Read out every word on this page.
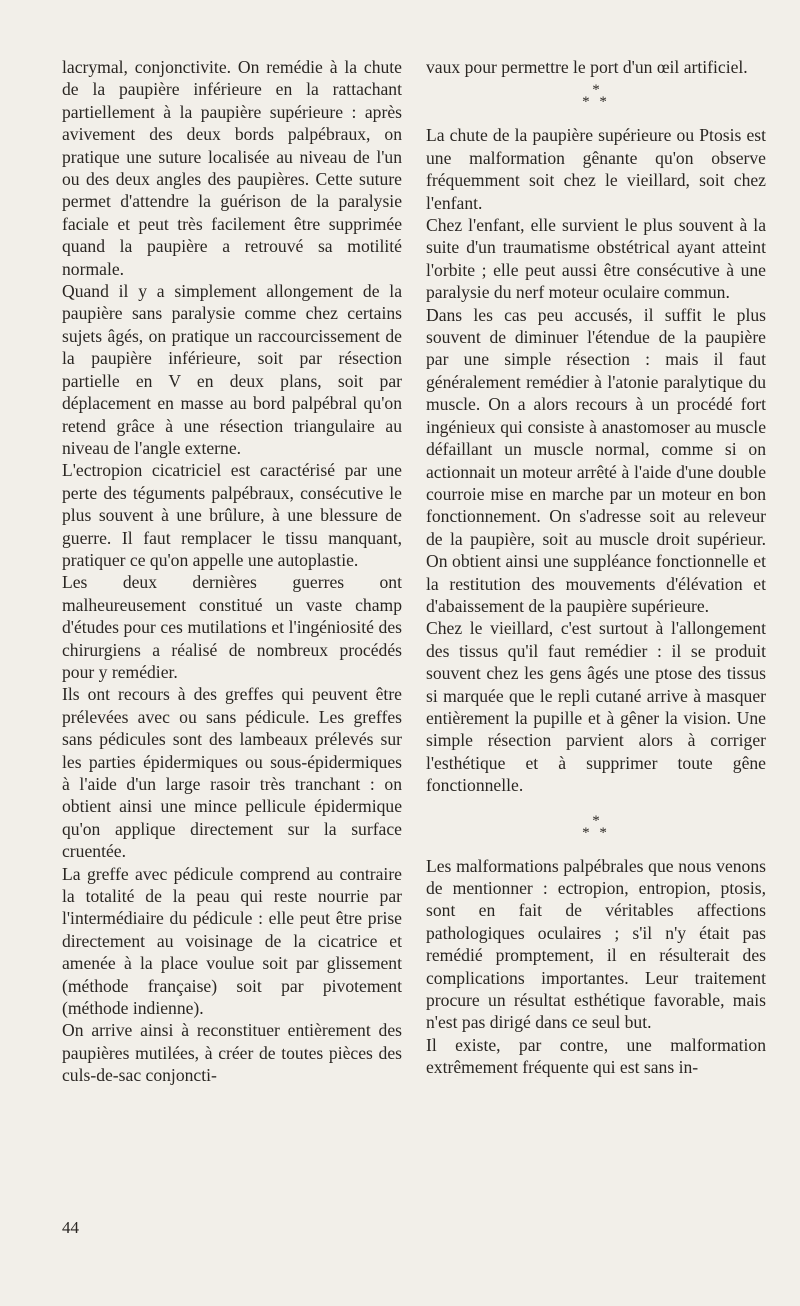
lacrymal, conjonctivite. On remédie à la chute de la paupière inférieure en la rattachant partiellement à la paupière supérieure : après avivement des deux bords palpébraux, on pratique une suture localisée au niveau de l'un ou des deux angles des paupières. Cette suture permet d'attendre la guérison de la paralysie faciale et peut très facilement être supprimée quand la paupière a retrouvé sa motilité normale.

Quand il y a simplement allongement de la paupière sans paralysie comme chez certains sujets âgés, on pratique un raccourcissement de la paupière inférieure, soit par résection partielle en V en deux plans, soit par déplacement en masse au bord palpébral qu'on retend grâce à une résection triangulaire au niveau de l'angle externe.

L'ectropion cicatriciel est caractérisé par une perte des téguments palpébraux, consécutive le plus souvent à une brûlure, à une blessure de guerre. Il faut remplacer le tissu manquant, pratiquer ce qu'on appelle une autoplastie.

Les deux dernières guerres ont malheureusement constitué un vaste champ d'études pour ces mutilations et l'ingéniosité des chirurgiens a réalisé de nombreux procédés pour y remédier.

Ils ont recours à des greffes qui peuvent être prélevées avec ou sans pédicule. Les greffes sans pédicules sont des lambeaux prélevés sur les parties épidermiques ou sous-épidermiques à l'aide d'un large rasoir très tranchant : on obtient ainsi une mince pellicule épidermique qu'on applique directement sur la surface cruentée.

La greffe avec pédicule comprend au contraire la totalité de la peau qui reste nourrie par l'intermédiaire du pédicule : elle peut être prise directement au voisinage de la cicatrice et amenée à la place voulue soit par glissement (méthode française) soit par pivotement (méthode indienne).

On arrive ainsi à reconstituer entièrement des paupières mutilées, à créer de toutes pièces des culs-de-sac conjoncti-

vaux pour permettre le port d'un œil artificiel.

*
* *

La chute de la paupière supérieure ou Ptosis est une malformation gênante qu'on observe fréquemment soit chez le vieillard, soit chez l'enfant.

Chez l'enfant, elle survient le plus souvent à la suite d'un traumatisme obstétrical ayant atteint l'orbite ; elle peut aussi être consécutive à une paralysie du nerf moteur oculaire commun.

Dans les cas peu accusés, il suffit le plus souvent de diminuer l'étendue de la paupière par une simple résection : mais il faut généralement remédier à l'atonie paralytique du muscle. On a alors recours à un procédé fort ingénieux qui consiste à anastomoser au muscle défaillant un muscle normal, comme si on actionnait un moteur arrêté à l'aide d'une double courroie mise en marche par un moteur en bon fonctionnement. On s'adresse soit au releveur de la paupière, soit au muscle droit supérieur. On obtient ainsi une suppléance fonctionnelle et la restitution des mouvements d'élévation et d'abaissement de la paupière supérieure.

Chez le vieillard, c'est surtout à l'allongement des tissus qu'il faut remédier : il se produit souvent chez les gens âgés une ptose des tissus si marquée que le repli cutané arrive à masquer entièrement la pupille et à gêner la vision. Une simple résection parvient alors à corriger l'esthétique et à supprimer toute gêne fonctionnelle.

*
* *

Les malformations palpébrales que nous venons de mentionner : ectropion, entropion, ptosis, sont en fait de véritables affections pathologiques oculaires ; s'il n'y était pas remédié promptement, il en résulterait des complications importantes. Leur traitement procure un résultat esthétique favorable, mais n'est pas dirigé dans ce seul but.

Il existe, par contre, une malformation extrêmement fréquente qui est sans in-

44
